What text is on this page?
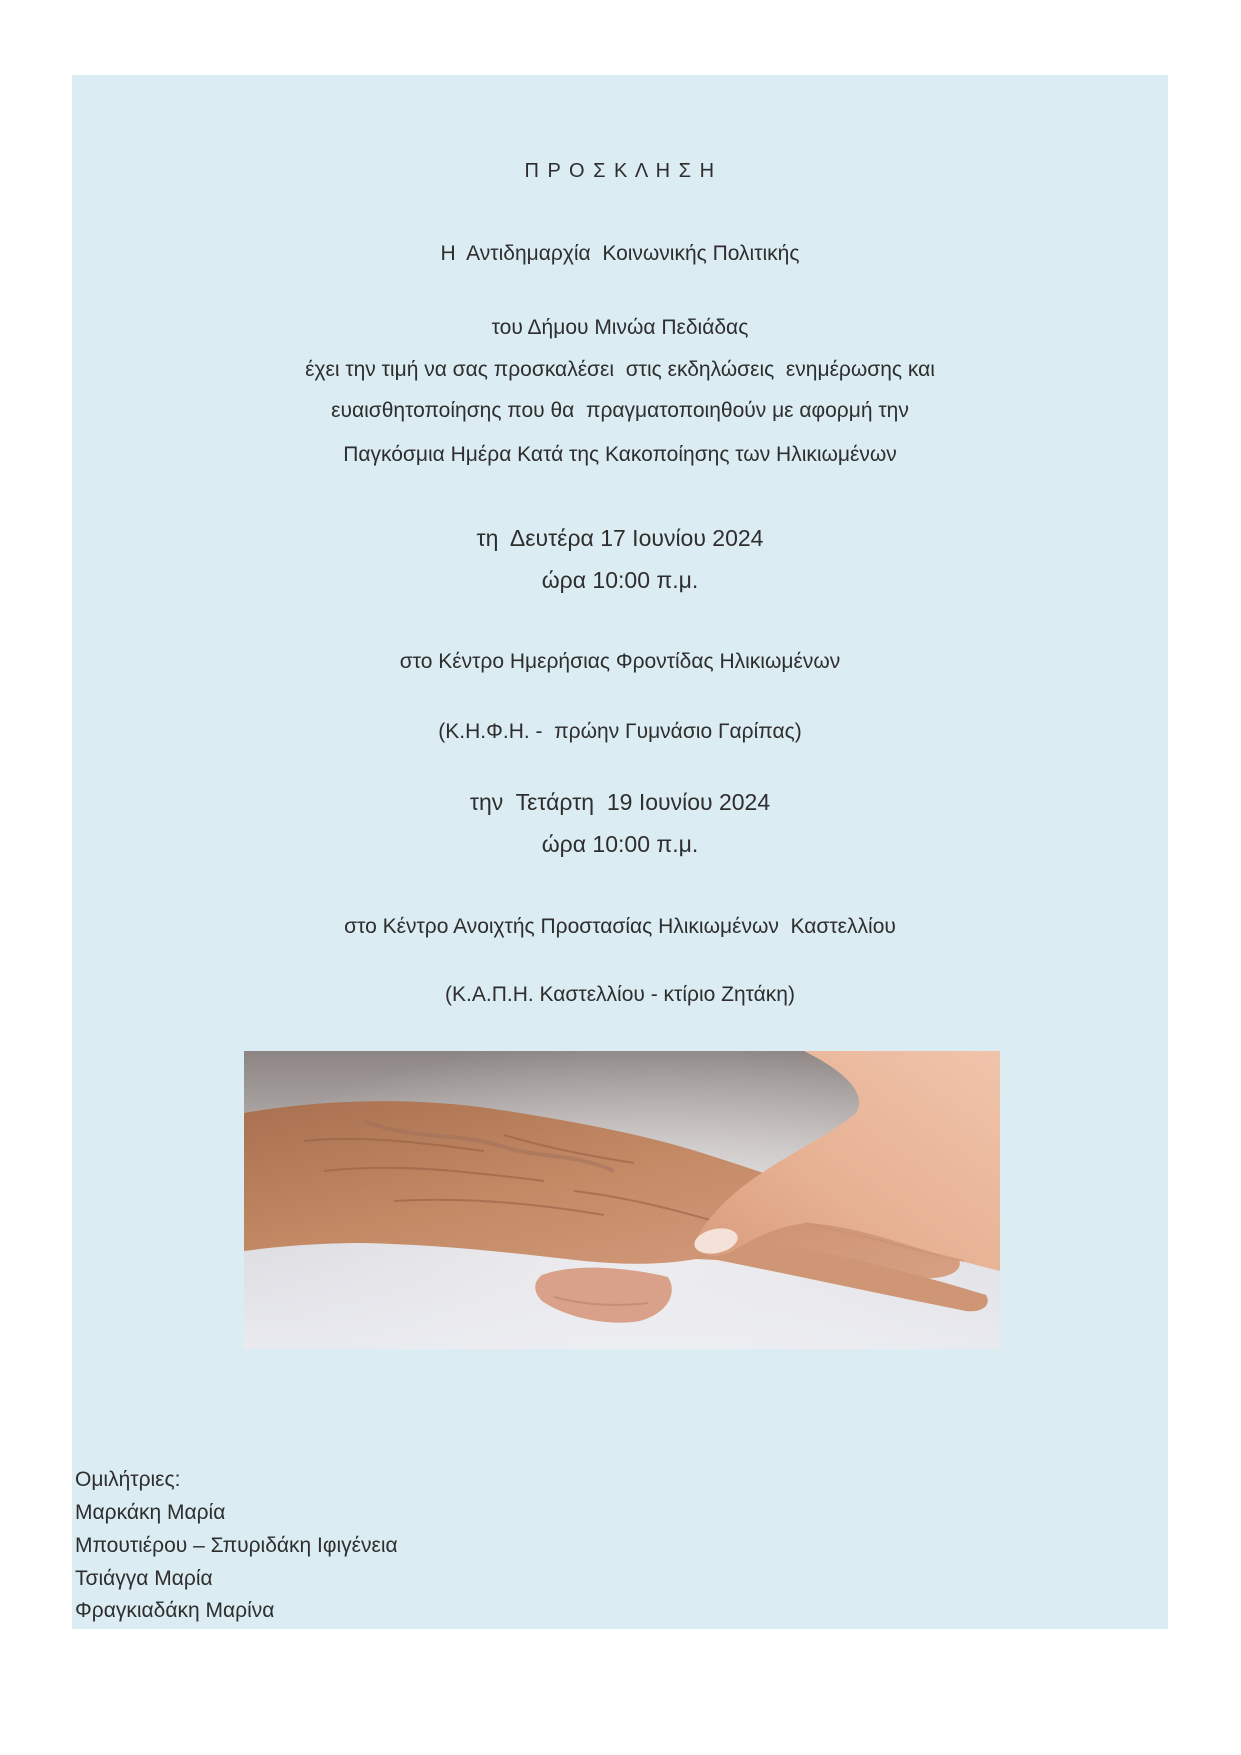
Π Ρ Ο Σ Κ Λ Η Σ Η
Η  Αντιδημαρχία  Κοινωνικής Πολιτικής
του Δήμου Μινώα Πεδιάδας
έχει την τιμή να σας προσκαλέσει  στις εκδηλώσεις  ενημέρωσης και
ευαισθητοποίησης που θα  πραγματοποιηθούν με αφορμή την
Παγκόσμια Ημέρα Κατά της Κακοποίησης των Ηλικιωμένων
τη  Δευτέρα 17 Ιουνίου 2024
ώρα 10:00 π.μ.
στο Κέντρο Ημερήσιας Φροντίδας Ηλικιωμένων
(Κ.Η.Φ.Η. -  πρώην Γυμνάσιο Γαρίπας)
την  Τετάρτη  19 Ιουνίου 2024
ώρα 10:00 π.μ.
στο Κέντρο Ανοιχτής Προστασίας Ηλικιωμένων  Καστελλίου
(Κ.Α.Π.Η. Καστελλίου - κτίριο Ζητάκη)
Ομιλήτριες:
Μαρκάκη Μαρία
Μπουτιέρου – Σπυριδάκη Ιφιγένεια
Τσιάγγα Μαρία
Φραγκιαδάκη Μαρίνα
